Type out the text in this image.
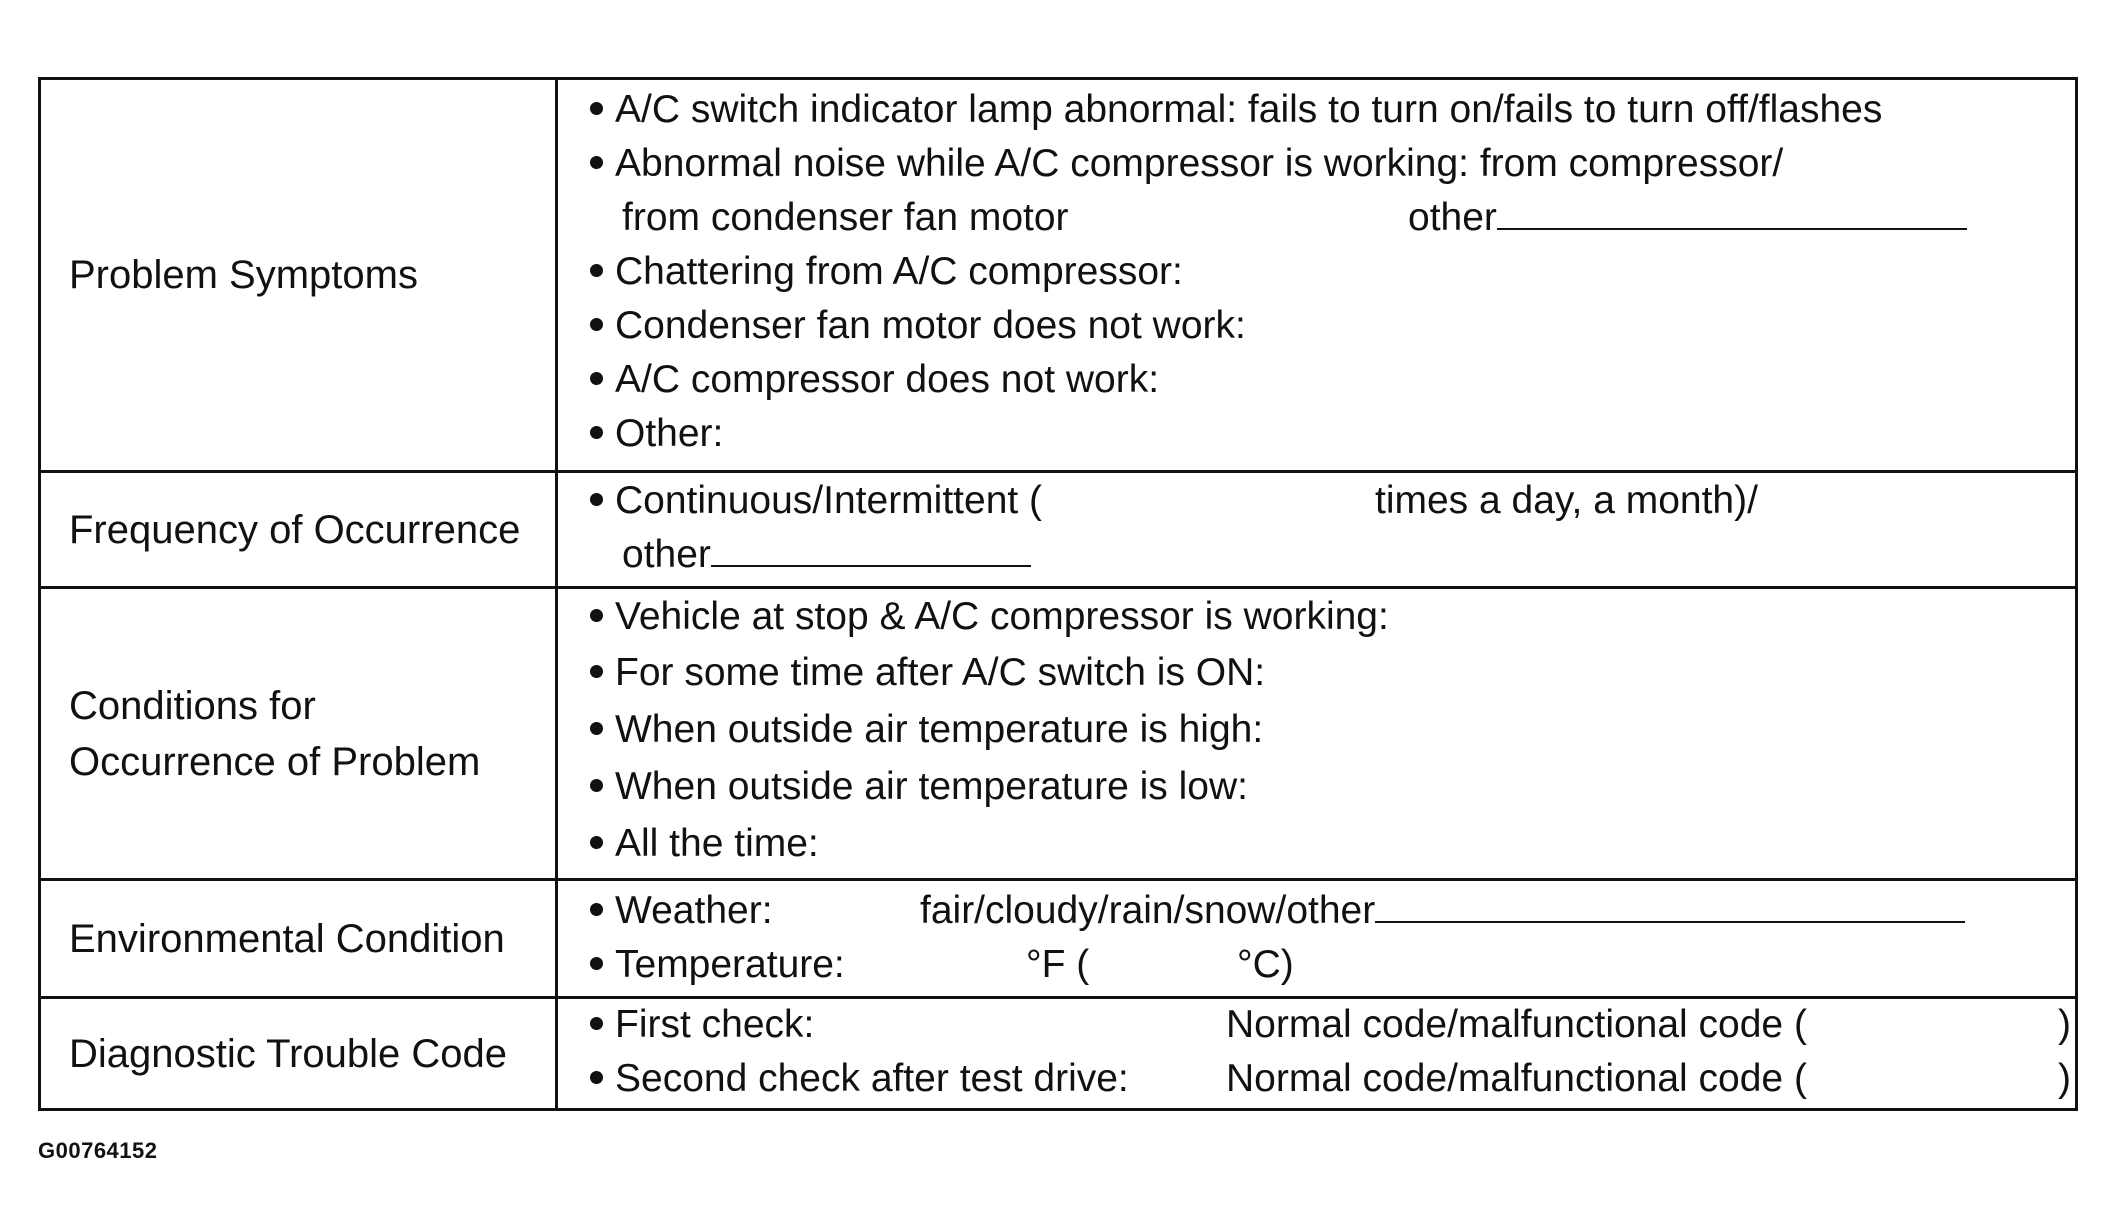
Problem Symptoms
A/C switch indicator lamp abnormal: fails to turn on/fails to turn off/flashes
Abnormal noise while A/C compressor is working: from compressor/
from condenser fan motor	other
Chattering from A/C compressor:
Condenser fan motor does not work:
A/C compressor does not work:
Other:
Frequency of Occurrence
Continuous/Intermittent (	times a day, a month)/
other
Conditions for
Occurrence of Problem
Vehicle at stop & A/C compressor is working:
For some time after A/C switch is ON:
When outside air temperature is high:
When outside air temperature is low:
All the time:
Environmental Condition
Weather:	fair/cloudy/rain/snow/other
Temperature:	°F (	°C)
Diagnostic Trouble Code
First check:	Normal code/malfunctional code (	)
Second check after test drive: Normal code/malfunctional code (	)
G00764152
